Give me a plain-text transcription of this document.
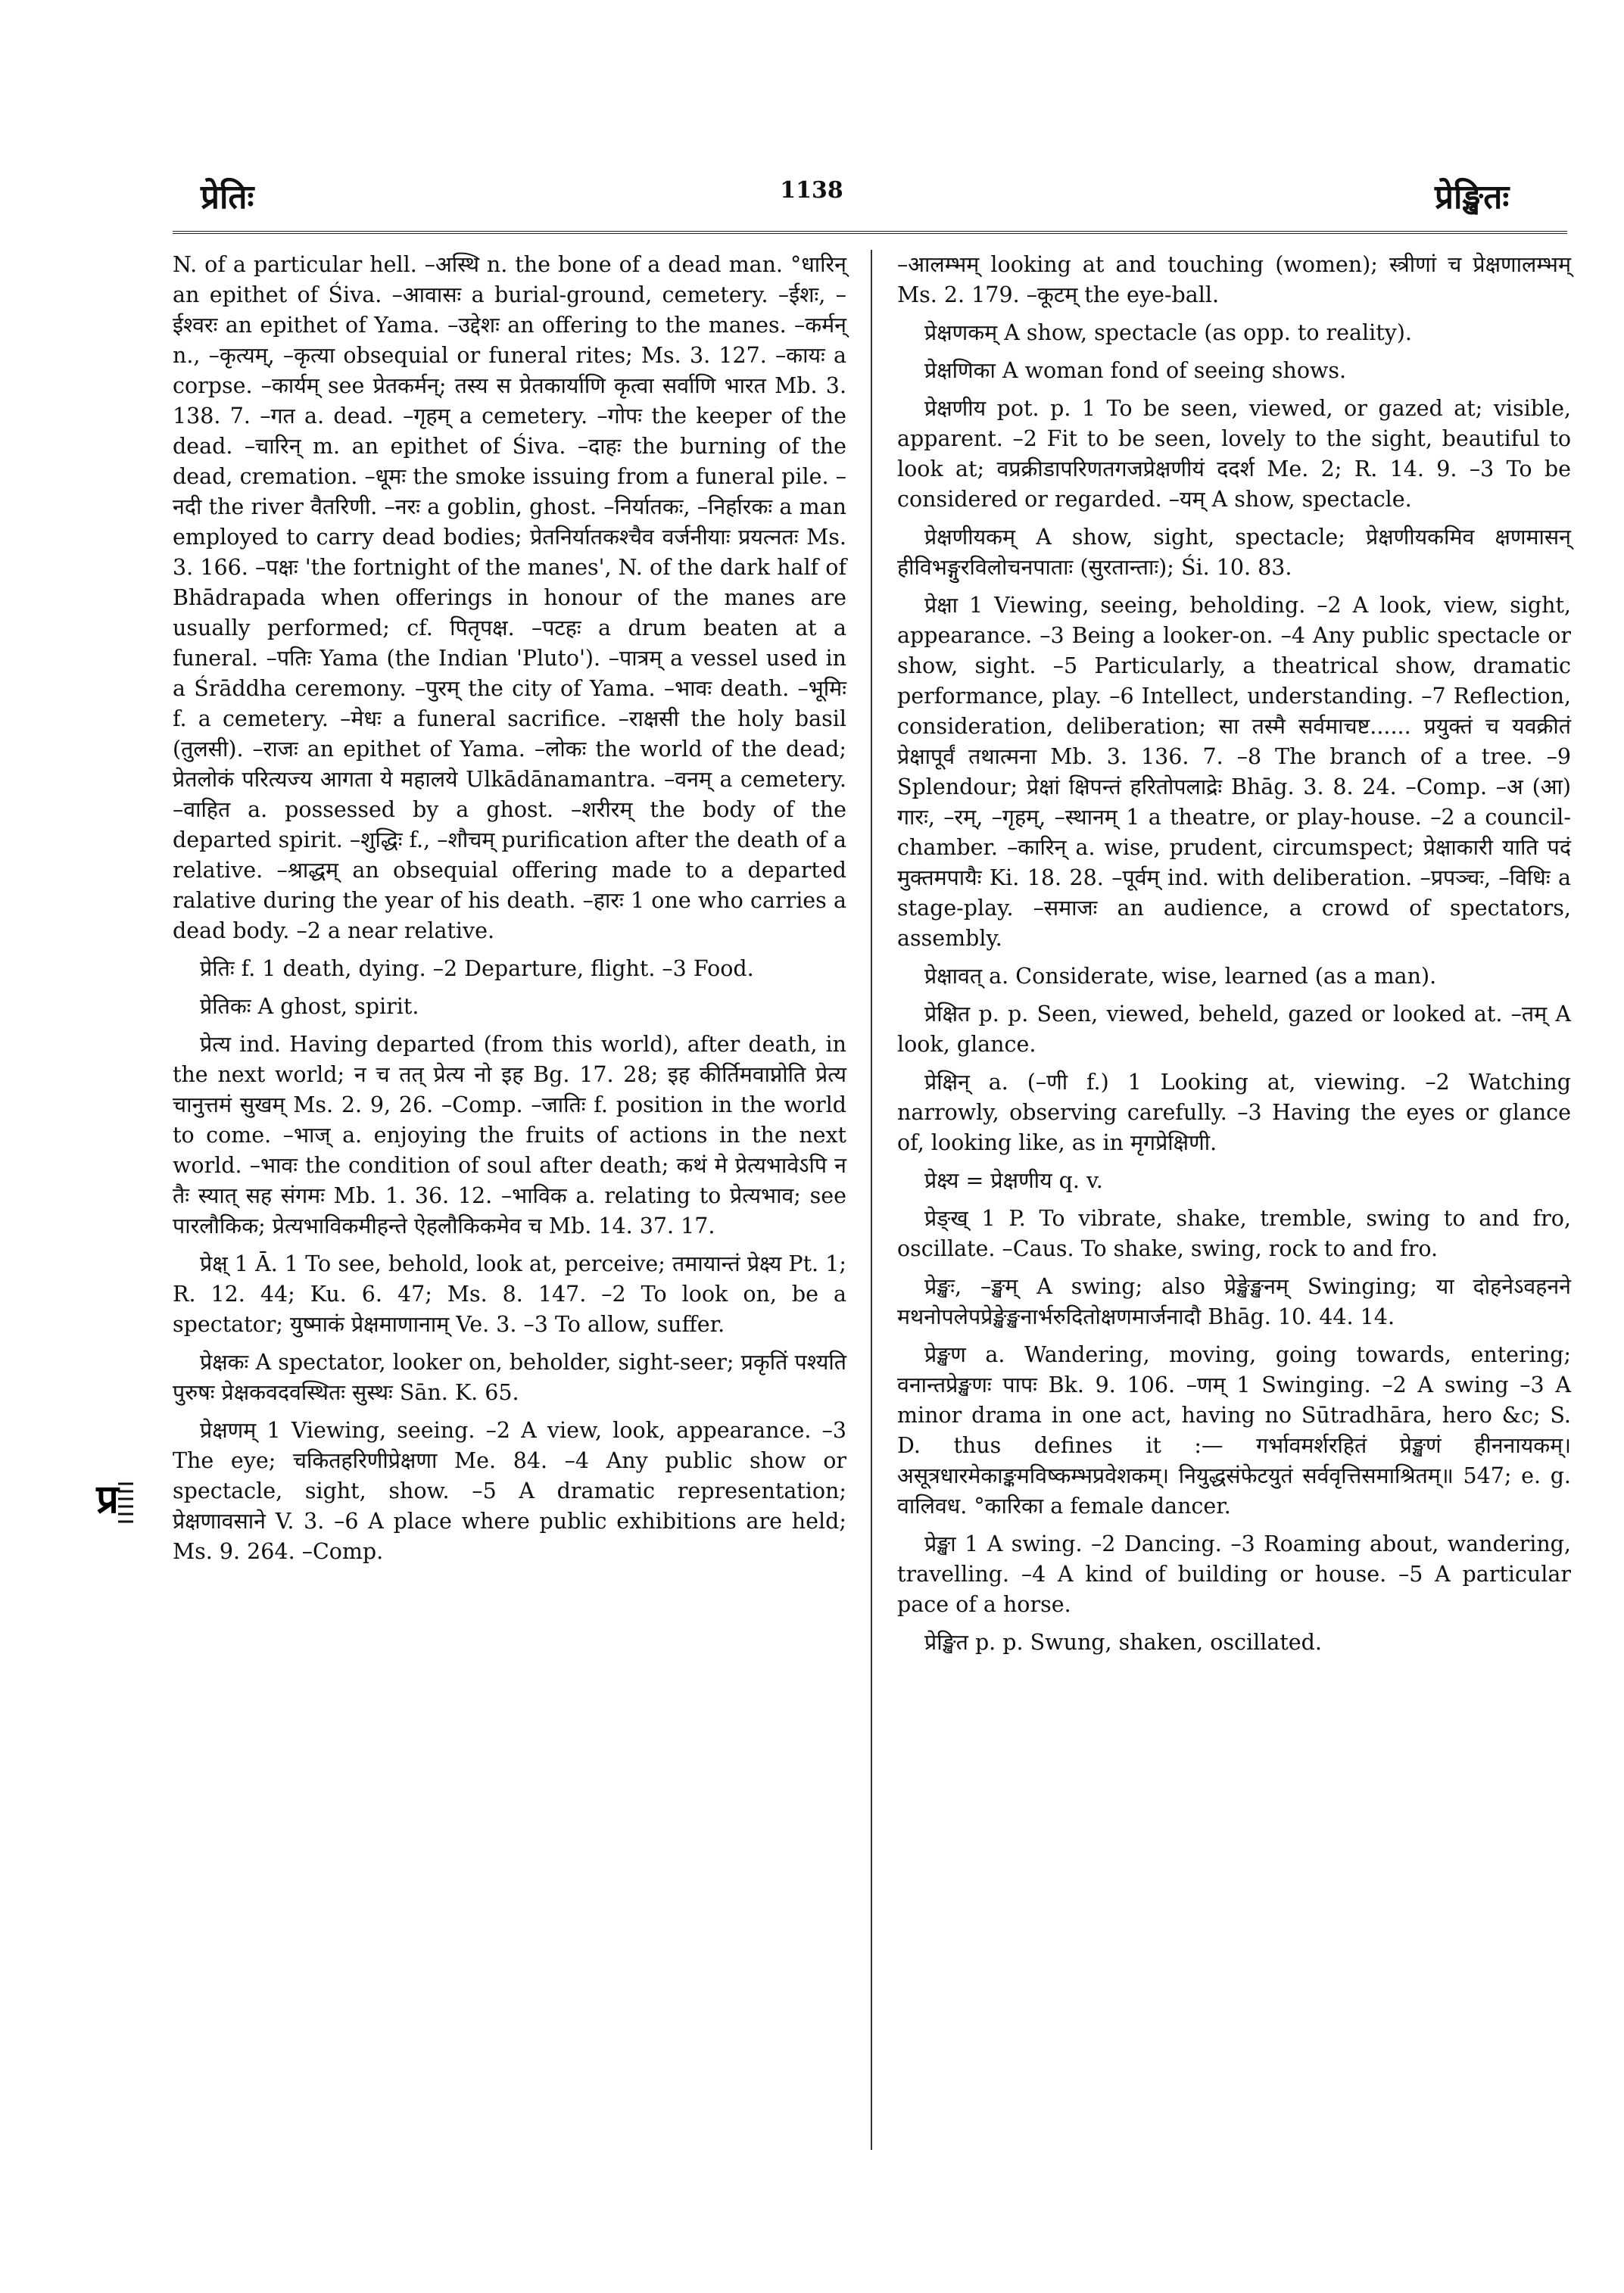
प्रेतिः	1138	प्रेङ्खितः
प्र

N. of a particular hell. –अस्थि n. the bone of a dead man. °धारिन् an epithet of Śiva. –आवासः a burial-ground, cemetery. –ईशः, –ईश्वरः an epithet of Yama. –उद्देशः an offering to the manes. –कर्मन् n., –कृत्यम्, –कृत्या obsequial or funeral rites; Ms. 3. 127. –कायः a corpse. –कार्यम् see प्रेतकर्मन्; तस्य स प्रेतकार्याणि कृत्वा सर्वाणि भारत Mb. 3. 138. 7. –गत a. dead. –गृहम् a cemetery. –गोपः the keeper of the dead. –चारिन् m. an epithet of Śiva. –दाहः the burning of the dead, cremation. –धूमः the smoke issuing from a funeral pile. –नदी the river वैतरिणी. –नरः a goblin, ghost. –निर्यातकः, –निर्हारकः a man employed to carry dead bodies; प्रेतनिर्यातकश्चैव वर्जनीयाः प्रयत्नतः Ms. 3. 166. –पक्षः 'the fortnight of the manes', N. of the dark half of Bhādrapada when offerings in honour of the manes are usually performed; cf. पितृपक्ष. –पटहः a drum beaten at a funeral. –पतिः Yama (the Indian 'Pluto'). –पात्रम् a vessel used in a Śrāddha ceremony. –पुरम् the city of Yama. –भावः death. –भूमिः f. a cemetery. –मेधः a funeral sacrifice. –राक्षसी the holy basil (तुलसी). –राजः an epithet of Yama. –लोकः the world of the dead; प्रेतलोकं परित्यज्य आगता ये महालये Ulkādānamantra. –वनम् a cemetery. –वाहित a. possessed by a ghost. –शरीरम् the body of the departed spirit. –शुद्धिः f., –शौचम् purification after the death of a relative. –श्राद्धम् an obsequial offering made to a departed ralative during the year of his death. –हारः 1 one who carries a dead body. –2 a near relative.

प्रेतिः f. 1 death, dying. –2 Departure, flight. –3 Food.

प्रेतिकः A ghost, spirit.

प्रेत्य ind. Having departed (from this world), after death, in the next world; न च तत् प्रेत्य नो इह Bg. 17. 28; इह कीर्तिमवाप्नोति प्रेत्य चानुत्तमं सुखम् Ms. 2. 9, 26. –Comp. –जातिः f. position in the world to come. –भाज् a. enjoying the fruits of actions in the next world. –भावः the condition of soul after death; कथं मे प्रेत्यभावेऽपि न तैः स्यात् सह संगमः Mb. 1. 36. 12. –भाविक a. relating to प्रेत्यभाव; see पारलौकिक; प्रेत्यभाविकमीहन्ते ऐहलौकिकमेव च Mb. 14. 37. 17.

प्रेक्ष् 1 Ā. 1 To see, behold, look at, perceive; तमायान्तं प्रेक्ष्य Pt. 1; R. 12. 44; Ku. 6. 47; Ms. 8. 147. –2 To look on, be a spectator; युष्माकं प्रेक्षमाणानाम् Ve. 3. –3 To allow, suffer.

प्रेक्षकः A spectator, looker on, beholder, sight-seer; प्रकृतिं पश्यति पुरुषः प्रेक्षकवदवस्थितः सुस्थः Sān. K. 65.

प्रेक्षणम् 1 Viewing, seeing. –2 A view, look, appearance. –3 The eye; चकितहरिणीप्रेक्षणा Me. 84. –4 Any public show or spectacle, sight, show. –5 A dramatic representation; प्रेक्षणावसाने V. 3. –6 A place where public exhibitions are held; Ms. 9. 264. –Comp.

–आलम्भम् looking at and touching (women); स्त्रीणां च प्रेक्षणालम्भम् Ms. 2. 179. –कूटम् the eye-ball.

प्रेक्षणकम् A show, spectacle (as opp. to reality).

प्रेक्षणिका A woman fond of seeing shows.

प्रेक्षणीय pot. p. 1 To be seen, viewed, or gazed at; visible, apparent. –2 Fit to be seen, lovely to the sight, beautiful to look at; वप्रक्रीडापरिणतगजप्रेक्षणीयं ददर्श Me. 2; R. 14. 9. –3 To be considered or regarded. –यम् A show, spectacle.

प्रेक्षणीयकम् A show, sight, spectacle; प्रेक्षणीयकमिव क्षणमासन् हीविभङ्गुरविलोचनपाताः (सुरतान्ताः); Śi. 10. 83.

प्रेक्षा 1 Viewing, seeing, beholding. –2 A look, view, sight, appearance. –3 Being a looker-on. –4 Any public spectacle or show, sight. –5 Particularly, a theatrical show, dramatic performance, play. –6 Intellect, understanding. –7 Reflection, consideration, deliberation; सा तस्मै सर्वमाचष्ट...... प्रयुक्तं च यवक्रीतं प्रेक्षापूर्वं तथात्मना Mb. 3. 136. 7. –8 The branch of a tree. –9 Splendour; प्रेक्षां क्षिपन्तं हरितोपलाद्रेः Bhāg. 3. 8. 24. –Comp. –अ (आ) गारः, –रम्, –गृहम्, –स्थानम् 1 a theatre, or play-house. –2 a council-chamber. –कारिन् a. wise, prudent, circumspect; प्रेक्षाकारी याति पदं मुक्तमपायैः Ki. 18. 28. –पूर्वम् ind. with deliberation. –प्रपञ्चः, –विधिः a stage-play. –समाजः an audience, a crowd of spectators, assembly.

प्रेक्षावत् a. Considerate, wise, learned (as a man).

प्रेक्षित p. p. Seen, viewed, beheld, gazed or looked at. –तम् A look, glance.

प्रेक्षिन् a. (–णी f.) 1 Looking at, viewing. –2 Watching narrowly, observing carefully. –3 Having the eyes or glance of, looking like, as in मृगप्रेक्षिणी.

प्रेक्ष्य = प्रेक्षणीय q. v.

प्रेङ्ख् 1 P. To vibrate, shake, tremble, swing to and fro, oscillate. –Caus. To shake, swing, rock to and fro.

प्रेङ्खः, –ङ्खम् A swing; also प्रेङ्खेङ्खनम् Swinging; या दोहनेऽवहनने मथनोपलेपप्रेङ्खेङ्खनार्भरुदितोक्षणमार्जनादौ Bhāg. 10. 44. 14.

प्रेङ्खण a. Wandering, moving, going towards, entering; वनान्तप्रेङ्खणः पापः Bk. 9. 106. –णम् 1 Swinging. –2 A swing –3 A minor drama in one act, having no Sūtradhāra, hero &c; S. D. thus defines it :— गर्भावमर्शरहितं प्रेङ्खणं हीननायकम्। असूत्रधारमेकाङ्कमविष्कम्भप्रवेशकम्। नियुद्धसंफेटयुतं सर्ववृत्तिसमाश्रितम्॥ 547; e. g. वालिवध. °कारिका a female dancer.

प्रेङ्खा 1 A swing. –2 Dancing. –3 Roaming about, wandering, travelling. –4 A kind of building or house. –5 A particular pace of a horse.

प्रेङ्खित p. p. Swung, shaken, oscillated.
